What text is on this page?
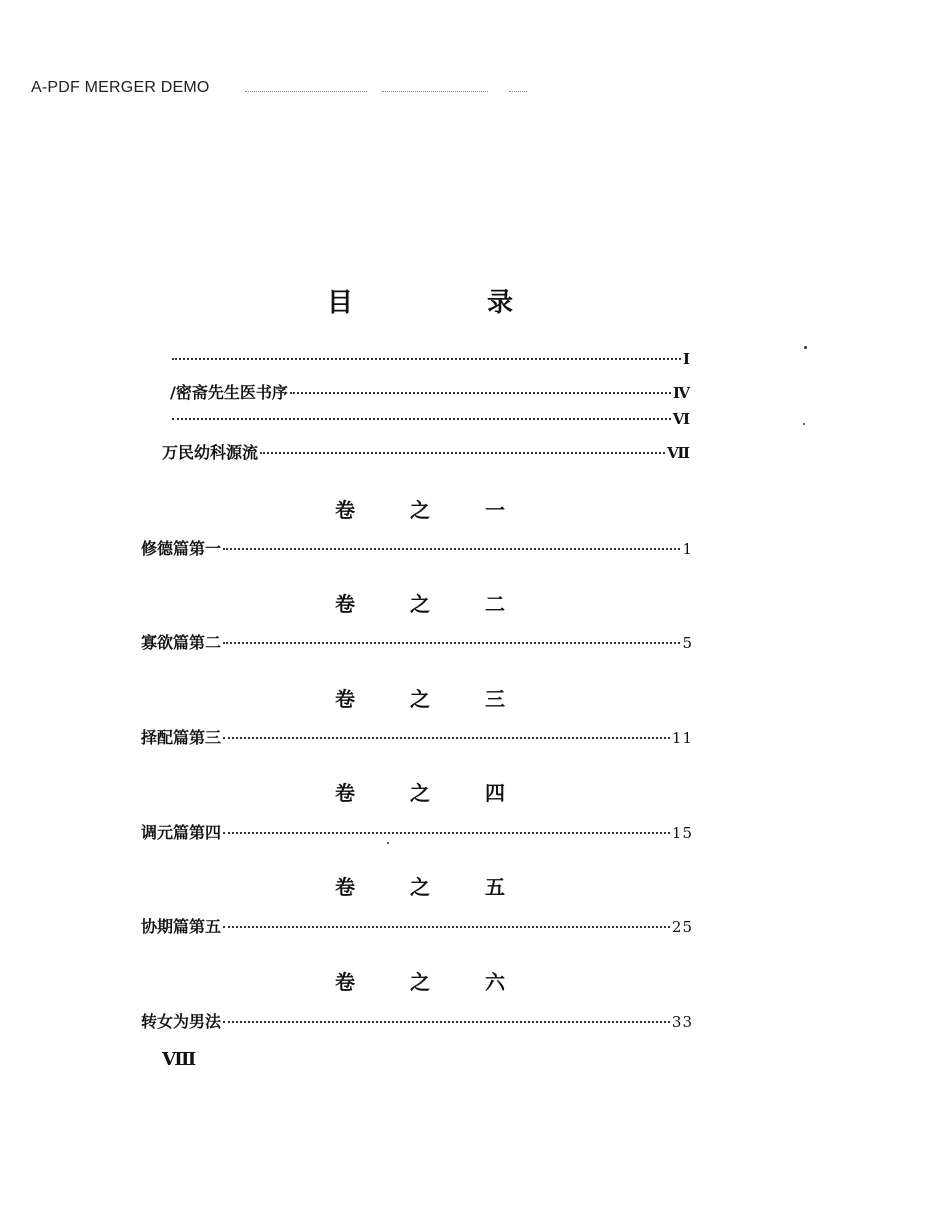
A-PDF MERGER DEMO
目　录
Ⅰ
/密斋先生医书序	Ⅳ
Ⅵ
万民幼科源流	Ⅶ
卷 之 一
修德篇第一	1
卷 之 二
寡欲篇第二	5
卷 之 三
择配篇第三	11
卷 之 四
调元篇第四	15
卷 之 五
协期篇第五	25
卷 之 六
转女为男法	33
Ⅷ
